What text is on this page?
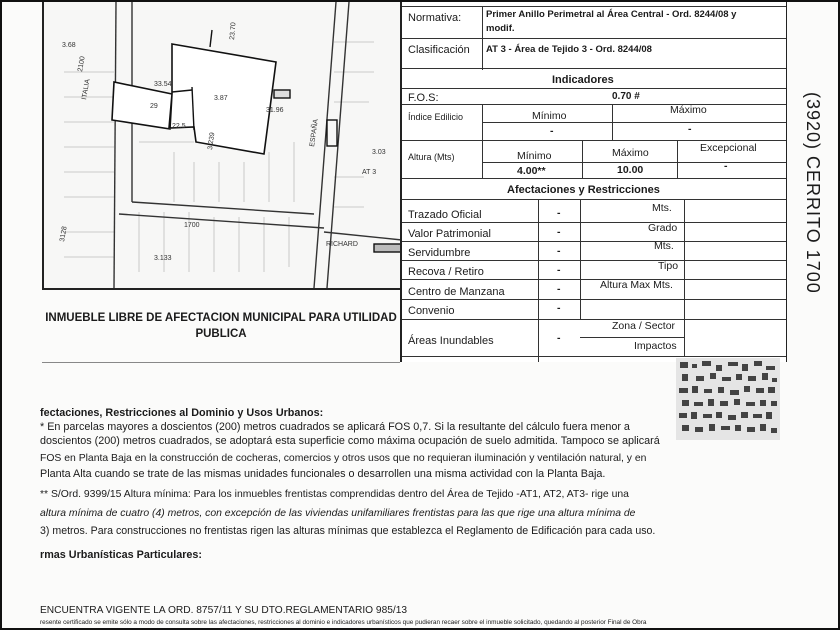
3.68
2100
ITALIA	33.54
29
3.87
22.5
23.70
31.96
ESPAÑA
3.03
AT 3
1700
3.239
3.133
RICHARD
3128
INMUEBLE LIBRE DE AFECTACION MUNICIPAL PARA UTILIDAD
PUBLICA
Normativa:	Primer Anillo Perimetral al Área Central - Ord. 8244/08 y
modif.
Clasificación AT 3 - Área de Tejido 3 - Ord. 8244/08
Indicadores
F.O.S:	0.70 #
Índice Edilicio	Mínimo	Máximo
-	-
Altura (Mts)	Mínimo	Máximo	Excepcional
4.00**	10.00	-
Afectaciones y Restricciones
Trazado Oficial	-	Mts.
Valor Patrimonial	-	Grado
Servidumbre	-	Mts.
Recova / Retiro	-	Tipo
Centro de Manzana	-	Altura Max Mts.
Convenio	-
Áreas Inundables	-
Zona / Sector
Impactos
(3920) CERRITO 1700
fectaciones, Restricciones al Dominio y Usos Urbanos:
* En parcelas mayores a doscientos (200) metros cuadrados se aplicará FOS 0,7. Si la resultante del cálculo fuera menor a
doscientos (200) metros cuadrados, se adoptará esta superficie como máxima ocupación de suelo admitida. Tampoco se aplicará
FOS en Planta Baja en la construcción de cocheras, comercios y otros usos que no requieran iluminación y ventilación natural, y en
Planta Alta cuando se trate de las mismas unidades funcionales o desarrollen una misma actividad con la Planta Baja.
** S/Ord. 9399/15 Altura mínima: Para los inmuebles frentistas comprendidas dentro del Área de Tejido -AT1, AT2, AT3- rige una
altura mínima de cuatro (4) metros, con excepción de las viviendas unifamiliares frentistas para las que rige una altura mínima de
3) metros. Para construcciones no frentistas rigen las alturas mínimas que establezca el Reglamento de Edificación para cada uso.
rmas Urbanísticas Particulares:
ENCUENTRA VIGENTE LA ORD. 8757/11 Y SU DTO.REGLAMENTARIO 985/13
resente certificado se emite sólo a modo de consulta sobre las afectaciones, restricciones al dominio e indicadores urbanísticos que pudieran recaer sobre el inmueble solicitado, quedando al posterior Final de Obra
